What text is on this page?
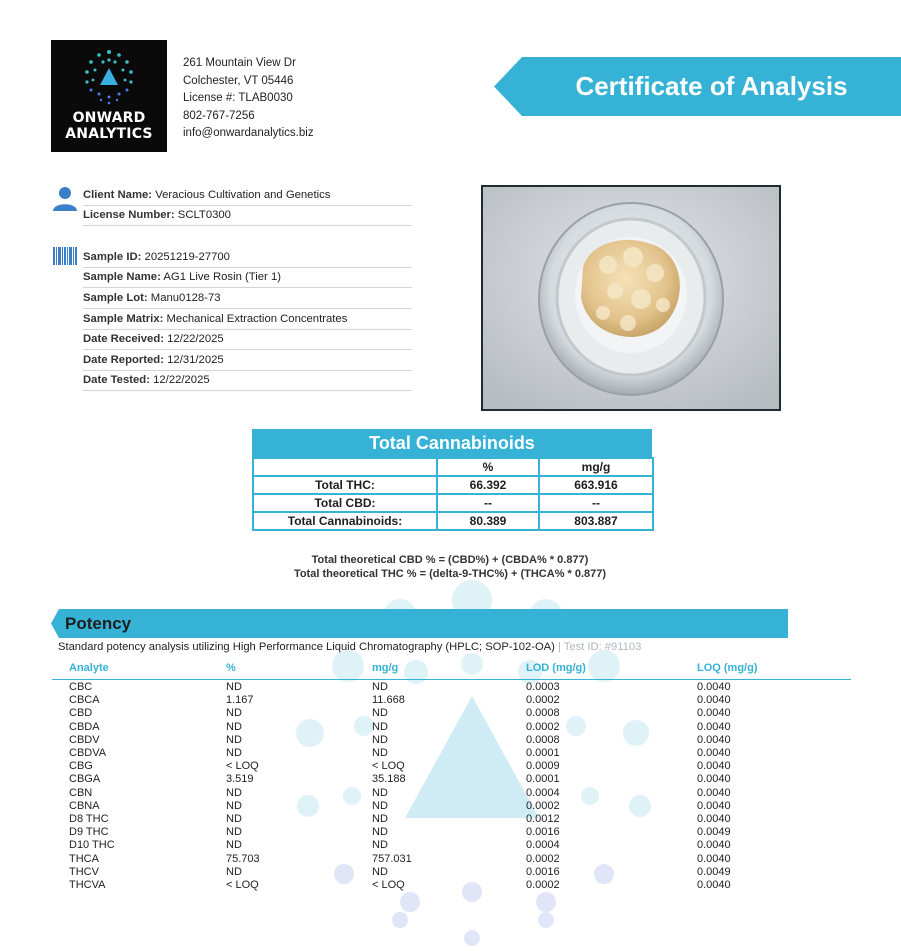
ONWARD
ANALYTICS
261 Mountain View Dr
Colchester, VT 05446
License #: TLAB0030
802-767-7256
info@onwardanalytics.biz
Certificate of Analysis
Client Name: Veracious Cultivation and Genetics
License Number: SCLT0300
Sample ID: 20251219-27700
Sample Name: AG1 Live Rosin (Tier 1)
Sample Lot: Manu0128-73
Sample Matrix: Mechanical Extraction Concentrates
Date Received: 12/22/2025
Date Reported: 12/31/2025
Date Tested: 12/22/2025
Total Cannabinoids
	%	mg/g
Total THC:	66.392	663.916
Total CBD:	--	--
Total Cannabinoids:	80.389	803.887
Total theoretical CBD % = (CBD%) + (CBDA% * 0.877)
Total theoretical THC % = (delta-9-THC%) + (THCA% * 0.877)
Potency
Standard potency analysis utilizing High Performance Liquid Chromatography (HPLC; SOP-102-OA) | Test ID: #91103
Analyte	%	mg/g	LOD (mg/g)	LOQ (mg/g)
CBC	ND	ND	0.0003	0.0040
CBCA	1.167	11.668	0.0002	0.0040
CBD	ND	ND	0.0008	0.0040
CBDA	ND	ND	0.0002	0.0040
CBDV	ND	ND	0.0008	0.0040
CBDVA	ND	ND	0.0001	0.0040
CBG	< LOQ	< LOQ	0.0009	0.0040
CBGA	3.519	35.188	0.0001	0.0040
CBN	ND	ND	0.0004	0.0040
CBNA	ND	ND	0.0002	0.0040
D8 THC	ND	ND	0.0012	0.0040
D9 THC	ND	ND	0.0016	0.0049
D10 THC	ND	ND	0.0004	0.0040
THCA	75.703	757.031	0.0002	0.0040
THCV	ND	ND	0.0016	0.0049
THCVA	< LOQ	< LOQ	0.0002	0.0040
